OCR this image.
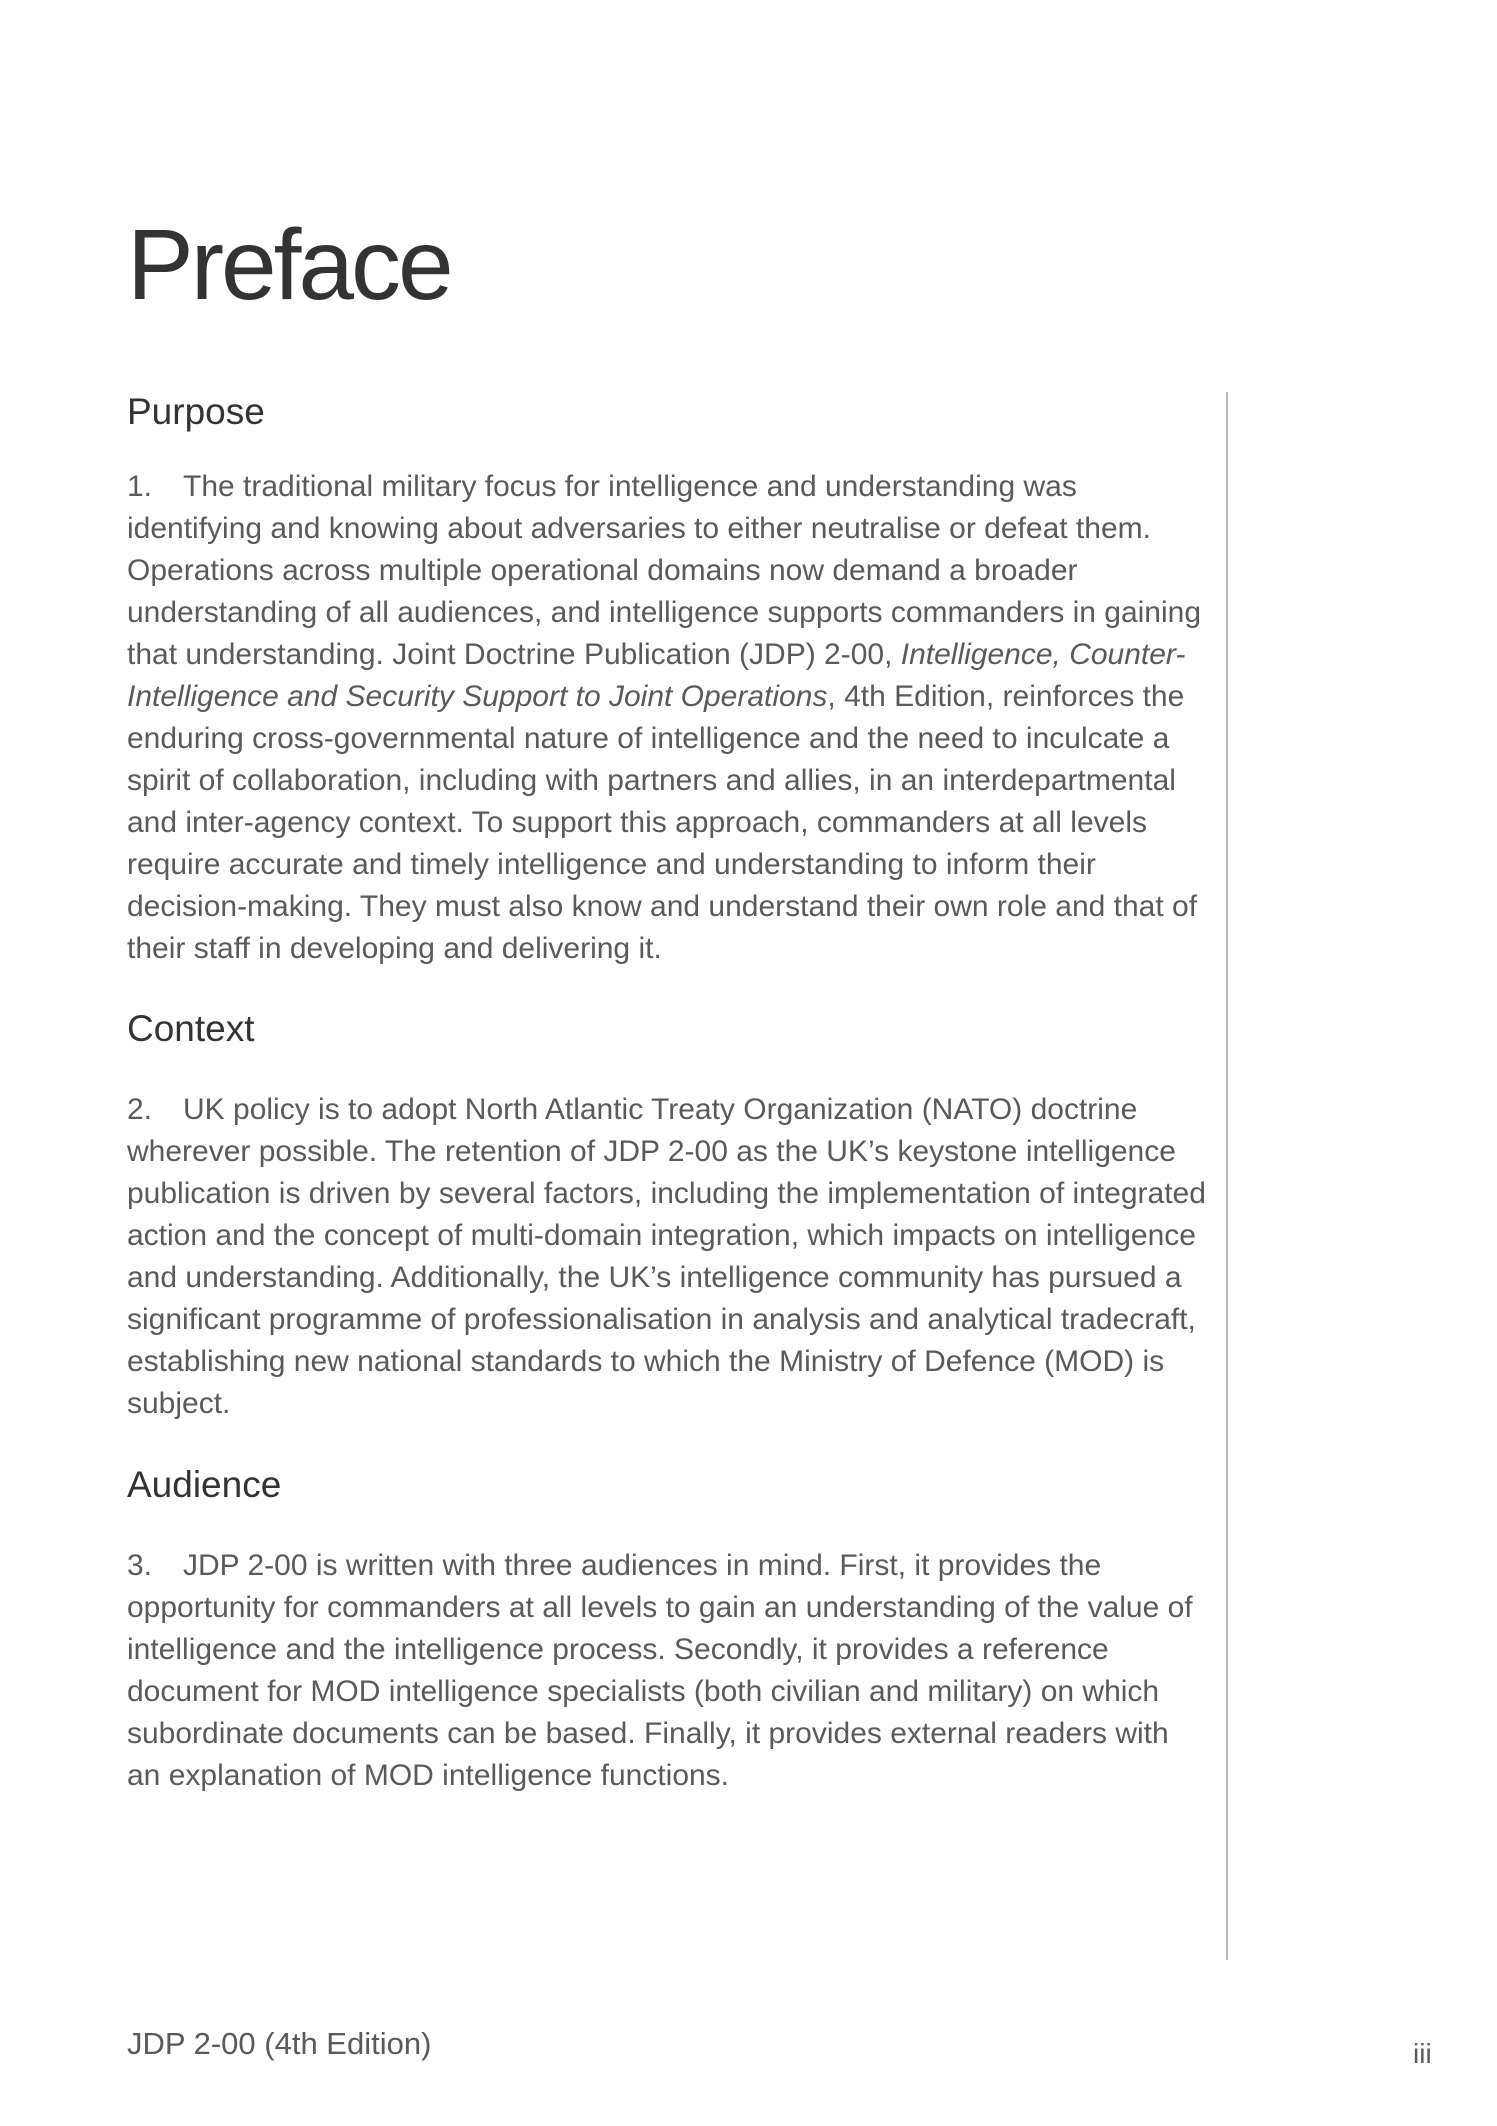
Preface
Purpose

1. The traditional military focus for intelligence and understanding was identifying and knowing about adversaries to either neutralise or defeat them. Operations across multiple operational domains now demand a broader understanding of all audiences, and intelligence supports commanders in gaining that understanding. Joint Doctrine Publication (JDP) 2-00, Intelligence, Counter-Intelligence and Security Support to Joint Operations, 4th Edition, reinforces the enduring cross-governmental nature of intelligence and the need to inculcate a spirit of collaboration, including with partners and allies, in an interdepartmental and inter-agency context. To support this approach, commanders at all levels require accurate and timely intelligence and understanding to inform their decision-making. They must also know and understand their own role and that of their staff in developing and delivering it.

Context

2. UK policy is to adopt North Atlantic Treaty Organization (NATO) doctrine wherever possible. The retention of JDP 2-00 as the UK’s keystone intelligence publication is driven by several factors, including the implementation of integrated action and the concept of multi-domain integration, which impacts on intelligence and understanding. Additionally, the UK’s intelligence community has pursued a significant programme of professionalisation in analysis and analytical tradecraft, establishing new national standards to which the Ministry of Defence (MOD) is subject.

Audience

3. JDP 2-00 is written with three audiences in mind. First, it provides the opportunity for commanders at all levels to gain an understanding of the value of intelligence and the intelligence process. Secondly, it provides a reference document for MOD intelligence specialists (both civilian and military) on which subordinate documents can be based. Finally, it provides external readers with an explanation of MOD intelligence functions.

JDP 2-00 (4th Edition)	iii
